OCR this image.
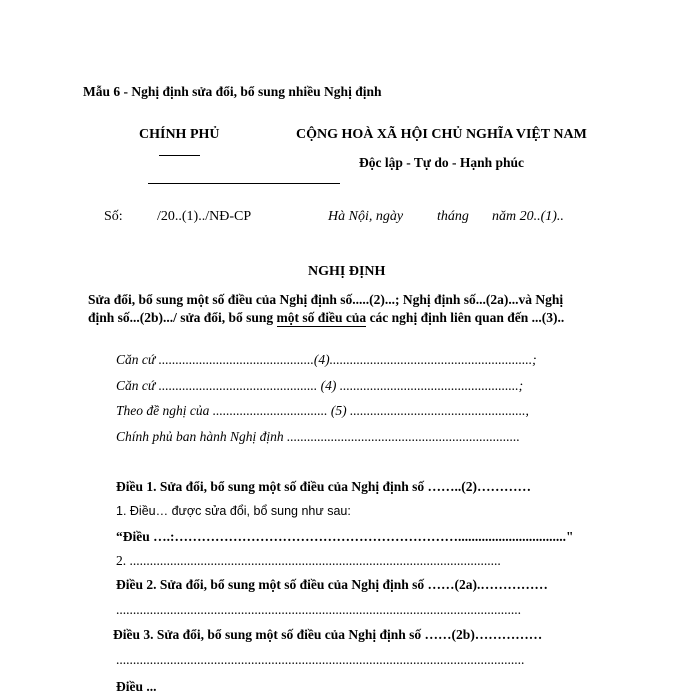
Mẫu 6 - Nghị định sửa đổi, bổ sung nhiều Nghị định
CHÍNH PHỦ	CỘNG HOÀ XÃ HỘI CHỦ NGHĨA VIỆT NAM
Độc lập - Tự do - Hạnh phúc
Số: /20..(1)../NĐ-CP	Hà Nội, ngày tháng năm 20..(1)..
NGHỊ ĐỊNH
Sửa đổi, bổ sung một số điều của Nghị định số.....(2)...; Nghị định số...(2a)...và Nghị
định số...(2b).../ sửa đổi, bổ sung một số điều của các nghị định liên quan đến ...(3)..
Căn cứ ..............................................(4)............................................................;
Căn cứ ............................................... (4) .....................................................;
Theo đề nghị của .................................. (5) ....................................................,
Chính phủ ban hành Nghị định .....................................................................
Điều 1. Sửa đổi, bổ sung một số điều của Nghị định số ……..(2)…………
1. Điều… được sửa đổi, bổ sung như sau:
“Điều ….:………………………………………………………................................"
2. ..............................................................................................................
Điều 2. Sửa đổi, bổ sung một số điều của Nghị định số ……(2a).……………
........................................................................................................................
Điều 3. Sửa đổi, bổ sung một số điều của Nghị định số ……(2b)……………
.........................................................................................................................
Điều ...
